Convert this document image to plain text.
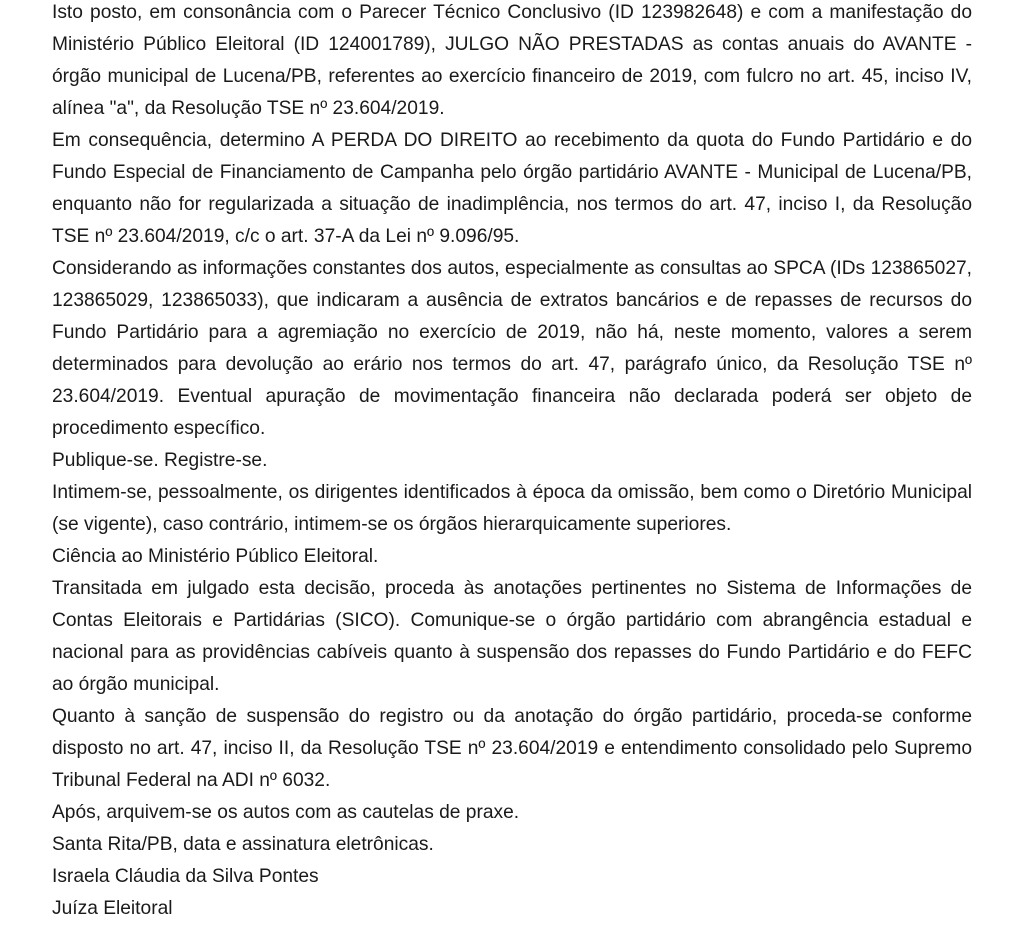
Isto posto, em consonância com o Parecer Técnico Conclusivo (ID 123982648) e com a manifestação do Ministério Público Eleitoral (ID 124001789), JULGO NÃO PRESTADAS as contas anuais do AVANTE - órgão municipal de Lucena/PB, referentes ao exercício financeiro de 2019, com fulcro no art. 45, inciso IV, alínea "a", da Resolução TSE nº 23.604/2019.

Em consequência, determino A PERDA DO DIREITO ao recebimento da quota do Fundo Partidário e do Fundo Especial de Financiamento de Campanha pelo órgão partidário AVANTE - Municipal de Lucena/PB, enquanto não for regularizada a situação de inadimplência, nos termos do art. 47, inciso I, da Resolução TSE nº 23.604/2019, c/c o art. 37-A da Lei nº 9.096/95.

Considerando as informações constantes dos autos, especialmente as consultas ao SPCA (IDs 123865027, 123865029, 123865033), que indicaram a ausência de extratos bancários e de repasses de recursos do Fundo Partidário para a agremiação no exercício de 2019, não há, neste momento, valores a serem determinados para devolução ao erário nos termos do art. 47, parágrafo único, da Resolução TSE nº 23.604/2019. Eventual apuração de movimentação financeira não declarada poderá ser objeto de procedimento específico.

Publique-se. Registre-se.

Intimem-se, pessoalmente, os dirigentes identificados à época da omissão, bem como o Diretório Municipal (se vigente), caso contrário, intimem-se os órgãos hierarquicamente superiores.

Ciência ao Ministério Público Eleitoral.

Transitada em julgado esta decisão, proceda às anotações pertinentes no Sistema de Informações de Contas Eleitorais e Partidárias (SICO). Comunique-se o órgão partidário com abrangência estadual e nacional para as providências cabíveis quanto à suspensão dos repasses do Fundo Partidário e do FEFC ao órgão municipal.

Quanto à sanção de suspensão do registro ou da anotação do órgão partidário, proceda-se conforme disposto no art. 47, inciso II, da Resolução TSE nº 23.604/2019 e entendimento consolidado pelo Supremo Tribunal Federal na ADI nº 6032.

Após, arquivem-se os autos com as cautelas de praxe.

Santa Rita/PB, data e assinatura eletrônicas.

Israela Cláudia da Silva Pontes

Juíza Eleitoral
